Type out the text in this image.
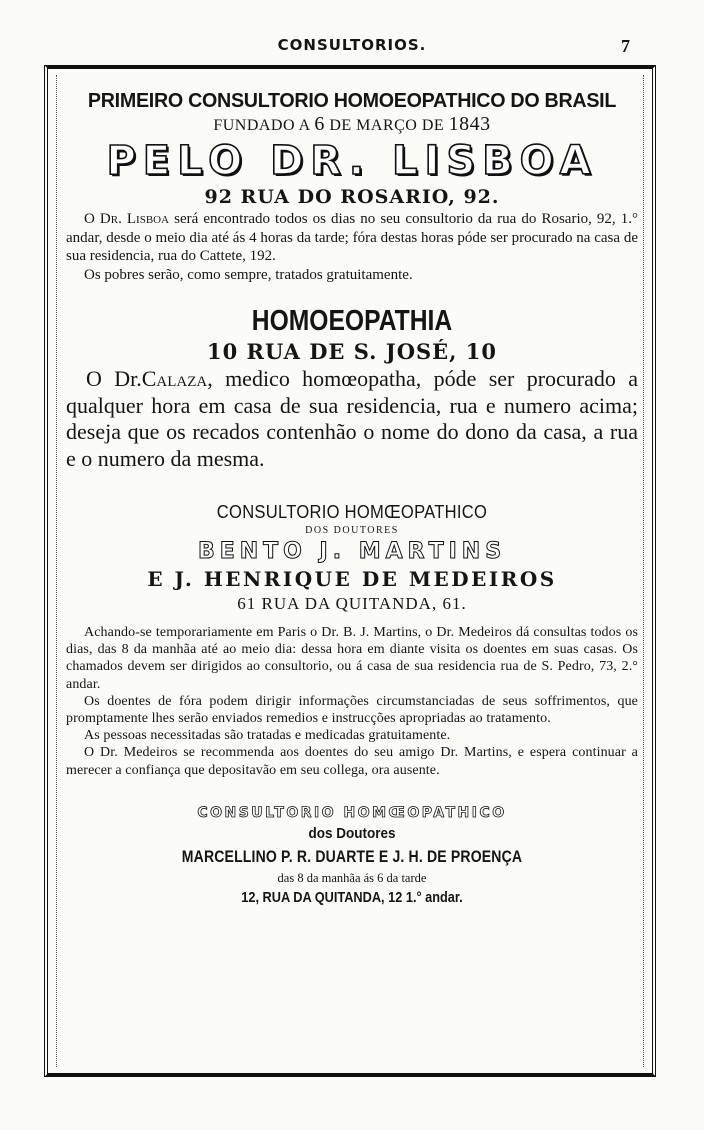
CONSULTORIOS.	7
PRIMEIRO CONSULTORIO HOMOEOPATHICO DO BRASIL
FUNDADO A 6 DE MARÇO DE 1843
PELO DR. LISBOA
92 RUA DO ROSARIO, 92.

O Dr. Lisboa será encontrado todos os dias no seu consultorio da rua do Rosario, 92, 1.° andar, desde o meio dia até ás 4 horas da tarde; fóra destas horas póde ser procurado na casa de sua residencia, rua do Cattete, 192.

Os pobres serão, como sempre, tratados gratuitamente.

HOMOEOPATHIA
10 RUA DE S. JOSÉ, 10

O Dr.Calaza, medico homœopatha, póde ser procurado a qualquer hora em casa de sua residencia, rua e numero acima; deseja que os recados contenhão o nome do dono da casa, a rua e o numero da mesma.

CONSULTORIO HOMŒOPATHICO
DOS DOUTORES
BENTO J. MARTINS
E J. HENRIQUE DE MEDEIROS
61 RUA DA QUITANDA, 61.

Achando-se temporariamente em Paris o Dr. B. J. Martins, o Dr. Medeiros dá consultas todos os dias, das 8 da manhãa até ao meio dia: dessa hora em diante visita os doentes em suas casas. Os chamados devem ser dirigidos ao consultorio, ou á casa de sua residencia rua de S. Pedro, 73, 2.° andar.

Os doentes de fóra podem dirigir informações circumstanciadas de seus soffrimentos, que promptamente lhes serão enviados remedios e instrucções apropriadas ao tratamento.

As pessoas necessitadas são tratadas e medicadas gratuitamente.

O Dr. Medeiros se recommenda aos doentes do seu amigo Dr. Martins, e espera continuar a merecer a confiança que depositavão em seu collega, ora ausente.

CONSULTORIO HOMŒOPATHICO
dos Doutores
MARCELLINO P. R. DUARTE E J. H. DE PROENÇA
das 8 da manhãa ás 6 da tarde
12, RUA DA QUITANDA, 12 1.° andar.
